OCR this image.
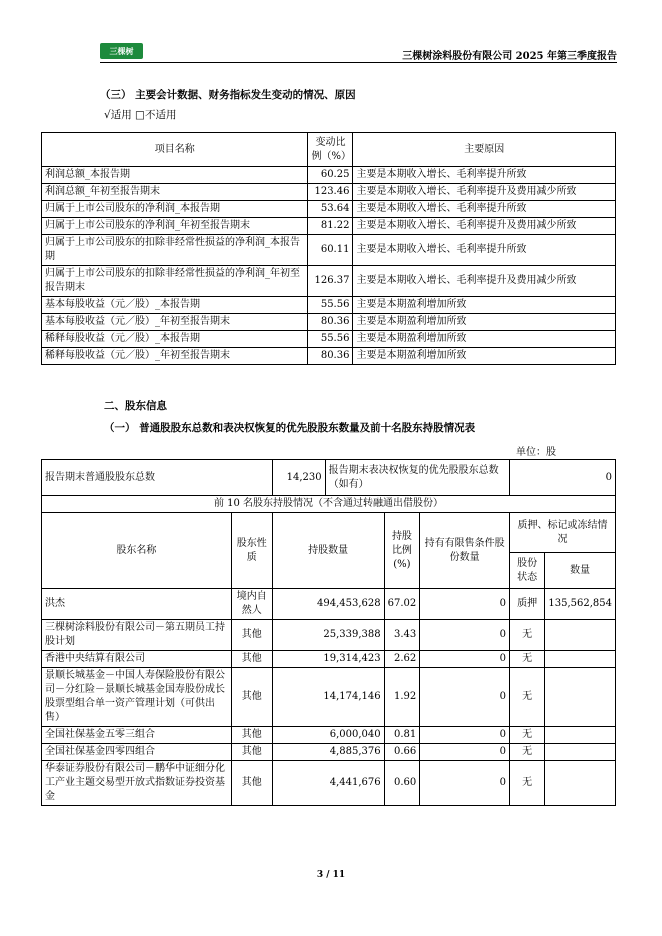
三棵树	三棵树涂料股份有限公司 2025 年第三季度报告
（三） 主要会计数据、财务指标发生变动的情况、原因
√适用 □不适用
项目名称	变动比例（%）	主要原因
利润总额_本报告期	60.25	主要是本期收入增长、毛利率提升所致
利润总额_年初至报告期末	123.46	主要是本期收入增长、毛利率提升及费用减少所致
归属于上市公司股东的净利润_本报告期	53.64	主要是本期收入增长、毛利率提升所致
归属于上市公司股东的净利润_年初至报告期末	81.22	主要是本期收入增长、毛利率提升及费用减少所致
归属于上市公司股东的扣除非经常性损益的净利润_本报告期	60.11	主要是本期收入增长、毛利率提升所致
归属于上市公司股东的扣除非经常性损益的净利润_年初至报告期末	126.37	主要是本期收入增长、毛利率提升及费用减少所致
基本每股收益（元／股）_本报告期	55.56	主要是本期盈利增加所致
基本每股收益（元／股）_年初至报告期末	80.36	主要是本期盈利增加所致
稀释每股收益（元／股）_本报告期	55.56	主要是本期盈利增加所致
稀释每股收益（元／股）_年初至报告期末	80.36	主要是本期盈利增加所致
二、股东信息
（一） 普通股股东总数和表决权恢复的优先股股东数量及前十名股东持股情况表
单位：股
报告期末普通股股东总数		14,230	报告期末表决权恢复的优先股股东总数（如有）			0	
前 10 名股东持股情况（不含通过转融通出借股份）							
股东名称	股东性质	持股数量		持股比例(%)	持有有限售条件股份数量	质押、标记或冻结情况	
						股份状态	数量
洪杰	境内自然人	494,453,628		67.02	0	质押	135,562,854
三棵树涂料股份有限公司－第五期员工持股计划	其他	25,339,388		3.43	0	无	
香港中央结算有限公司	其他	19,314,423		2.62	0	无	
景顺长城基金－中国人寿保险股份有限公司－分红险－景顺长城基金国寿股份成长股票型组合单一资产管理计划（可供出售）	其他	14,174,146		1.92	0	无	
全国社保基金五零三组合	其他	6,000,040		0.81	0	无	
全国社保基金四零四组合	其他	4,885,376		0.66	0	无	
华泰证券股份有限公司－鹏华中证细分化工产业主题交易型开放式指数证券投资基金	其他	4,441,676		0.60	0	无	
3 / 11
